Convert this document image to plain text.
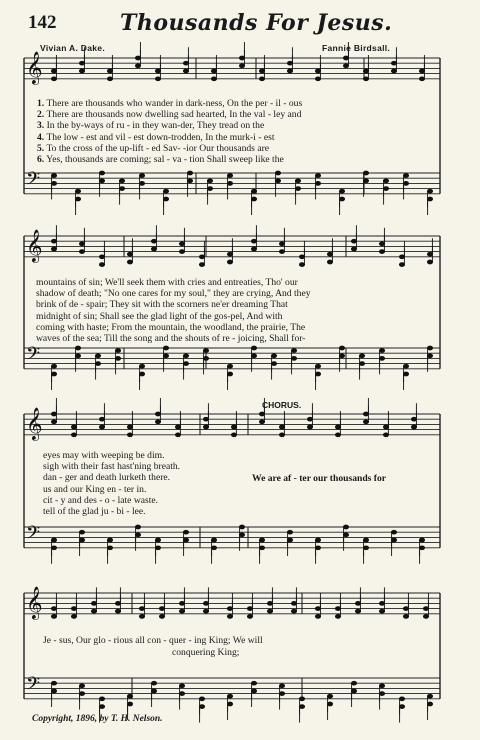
142	Thousands For Jesus.
Vivian A. Dake.	Fannie Birdsall.
𝄞
𝄢
𝄞
𝄢
𝄞
𝄢
𝄞
𝄢
1. There are thousands who wander in dark-ness, On the per - il - ous
2. There are thousands now dwelling sad hearted, In the val - ley and
3. In the by-ways of ru - in they wan-der, They tread on the
4. The low - est and vil - est down-trodden, In the murk-i - est
5. To the cross of the up-lift - ed Sav- -ior Our thousands are
6. Yes, thousands are coming; sal - va - tion Shall sweep like the
mountains of sin; We'll seek them with cries and entreaties, Tho' our
shadow of death; "No one cares for my soul," they are crying, And they
brink of de - spair; They sit with the scorners ne'er dreaming That
midnight of sin; Shall see the glad light of the gos-pel, And with
coming with haste; From the mountain, the woodland, the prairie, The
waves of the sea; Till the song and the shouts of re - joicing, Shall for-
CHORUS.
eyes may with weeping be dim.
sigh with their fast hast'ning breath.
dan - ger and death lurketh there.
us and our King en - ter in.
cit - y and des - o - late waste.
tell of the glad ju - bi - lee.
We are af - ter our thousands for
Je - sus, Our glo - rious all con - quer - ing King; We will
conquering King;
Copyright, 1896, by T. H. Nelson.
